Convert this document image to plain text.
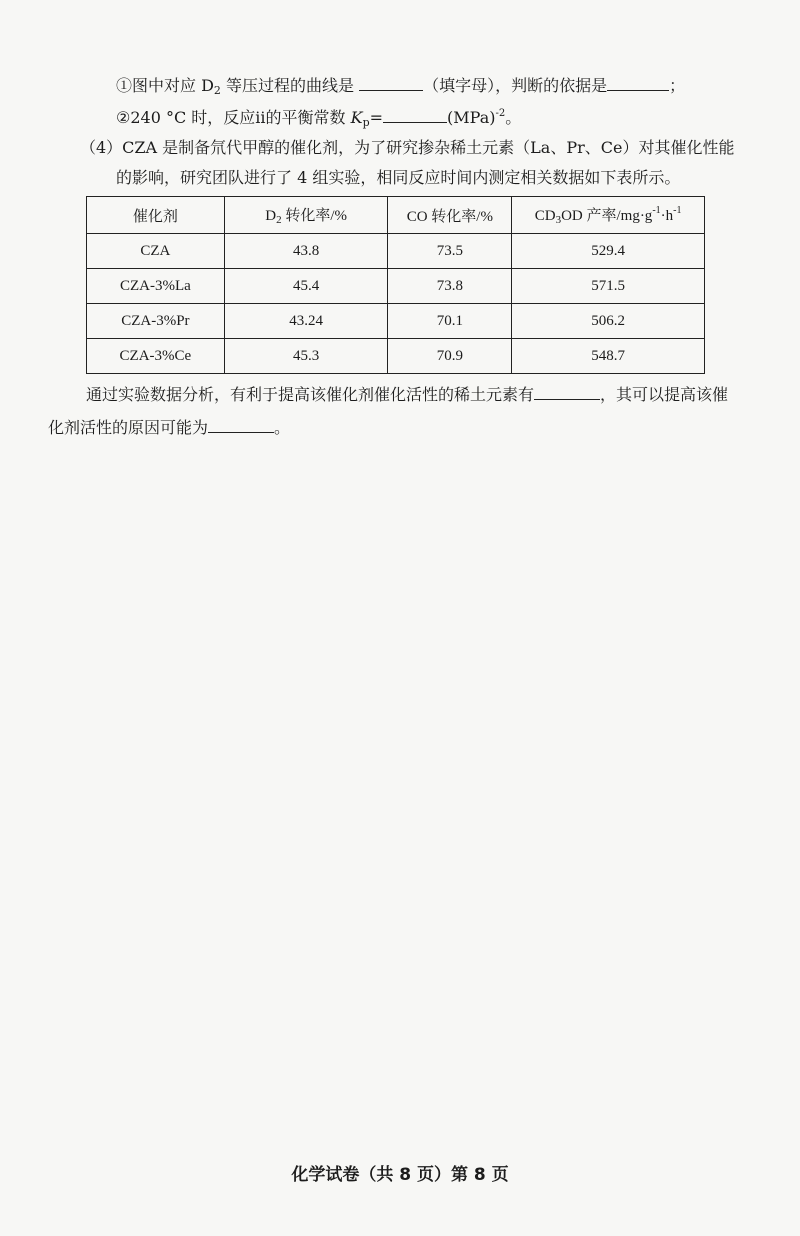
①图中对应 $D_2$ 等压过程的曲线是	（填字母），判断的依据是	；
②240 °C 时，反应ii的平衡常数 $K_p=$	(MPa)$^{-2}$。
（4）CZA 是制备氘代甲醇的催化剂，为了研究掺杂稀土元素（La、Pr、Ce）对其催化性能
的影响，研究团队进行了 4 组实验，相同反应时间内测定相关数据如下表所示。
催化剂	$D_2$ 转化率/%	CO 转化率/%	$CD_3OD$ 产率$/mg\cdot g^{-1}\cdot h^{-1}$
CZA	43.8	73.5	529.4
CZA-3%La	45.4	73.8	571.5
CZA-3%Pr	43.24	70.1	506.2
CZA-3%Ce	45.3	70.9	548.7
通过实验数据分析，有利于提高该催化剂催化活性的稀土元素有	，其可以提高该催
化剂活性的原因可能为	。
化学试卷（共 8 页）第 8 页
